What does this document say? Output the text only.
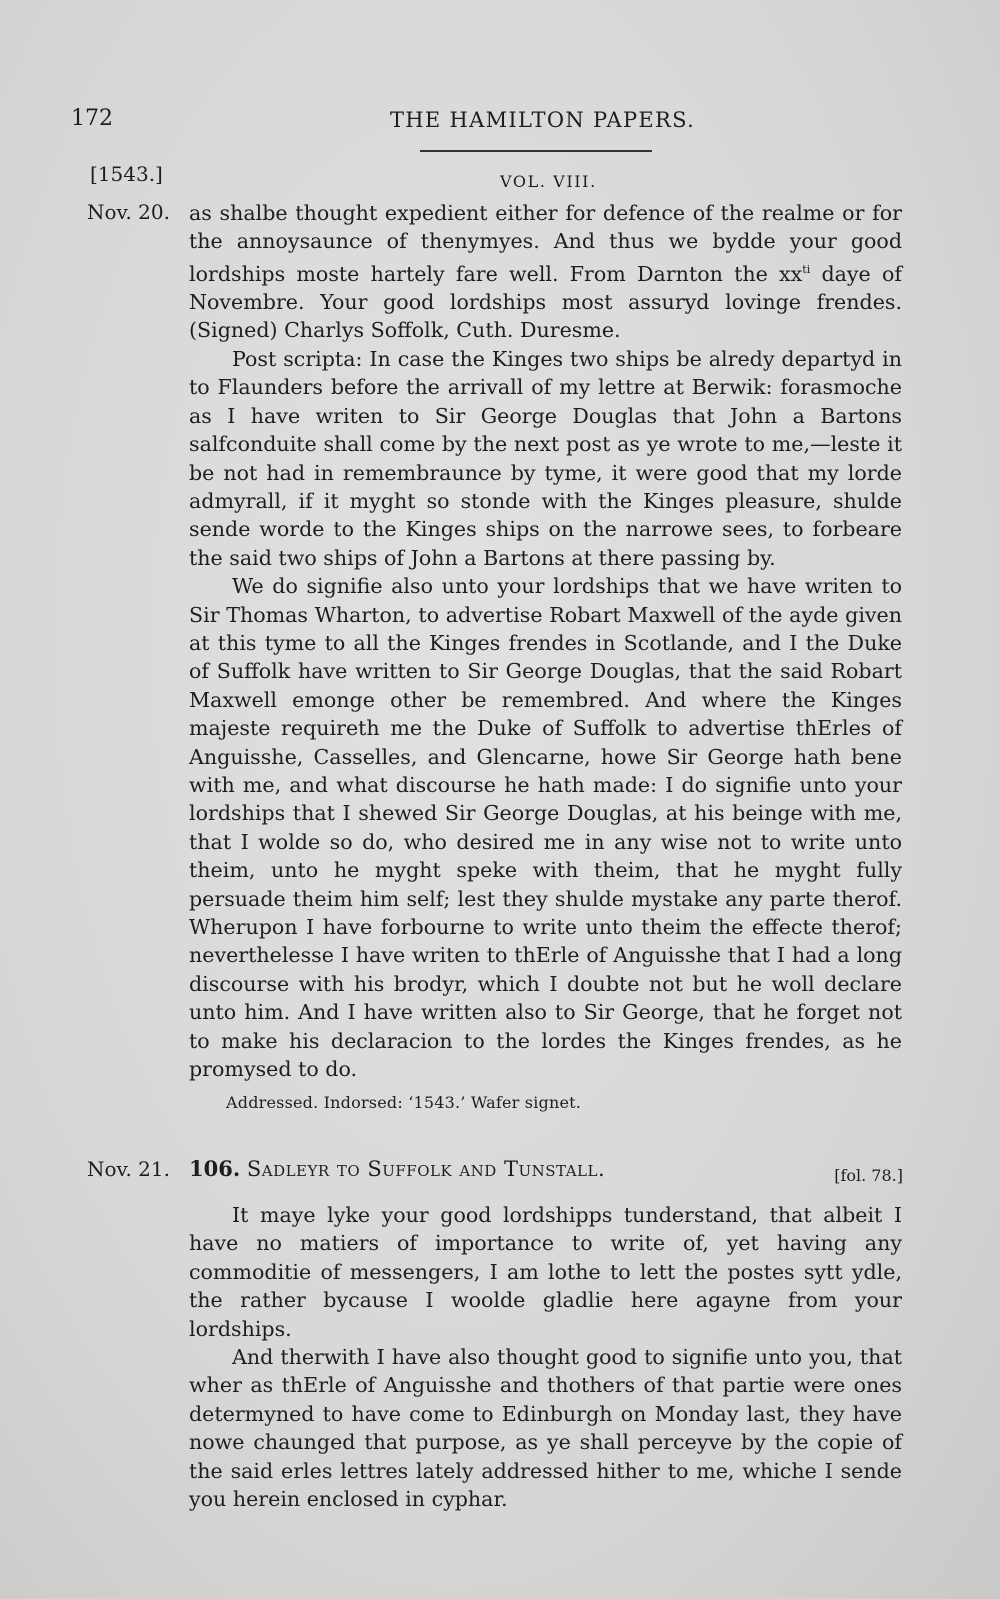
172	THE HAMILTON PAPERS.
[1543.]	VOL. VIII.
Nov. 20. as shalbe thought expedient either for defence of the realme or for the annoysaunce of thenymyes. And thus we bydde your good lordships moste hartely fare well. From Darnton the $xx^{ti}$ daye of Novembre. Your good lordships most assuryd lovinge frendes. (Signed) Charlys Soffolk, Cuth. Duresme.

Post scripta: In case the Kinges two ships be alredy departyd in to Flaunders before the arrivall of my lettre at Berwik: forasmoche as I have writen to Sir George Douglas that John a Bartons salfconduite shall come by the next post as ye wrote to me,—leste it be not had in remembraunce by tyme, it were good that my lorde admyrall, if it myght so stonde with the Kinges pleasure, shulde sende worde to the Kinges ships on the narrowe sees, to forbeare the said two ships of John a Bartons at there passing by.

We do signifie also unto your lordships that we have writen to Sir Thomas Wharton, to advertise Robart Maxwell of the ayde given at this tyme to all the Kinges frendes in Scotlande, and I the Duke of Suffolk have written to Sir George Douglas, that the said Robart Maxwell emonge other be remembred. And where the Kinges majeste requireth me the Duke of Suffolk to advertise thErles of Anguisshe, Casselles, and Glencarne, howe Sir George hath bene with me, and what discourse he hath made: I do signifie unto your lordships that I shewed Sir George Douglas, at his beinge with me, that I wolde so do, who desired me in any wise not to write unto theim, unto he myght speke with theim, that he myght fully persuade theim him self; lest they shulde mystake any parte therof. Wherupon I have forbourne to write unto theim the effecte therof; neverthelesse I have writen to thErle of Anguisshe that I had a long discourse with his brodyr, which I doubte not but he woll declare unto him. And I have written also to Sir George, that he forget not to make his declaracion to the lordes the Kinges frendes, as he promysed to do.

Addressed. Indorsed: ‘1543.’ Wafer signet.
Nov. 21. 106. Sadleyr to Suffolk and Tunstall.	[fol. 78.]

It maye lyke your good lordshipps tunderstand, that albeit I have no matiers of importance to write of, yet having any commoditie of messengers, I am lothe to lett the postes sytt ydle, the rather bycause I woolde gladlie here agayne from your lordships.

And therwith I have also thought good to signifie unto you, that wher as thErle of Anguisshe and thothers of that partie were ones determyned to have come to Edinburgh on Monday last, they have nowe chaunged that purpose, as ye shall perceyve by the copie of the said erles lettres lately addressed hither to me, whiche I sende you herein enclosed in cyphar.
